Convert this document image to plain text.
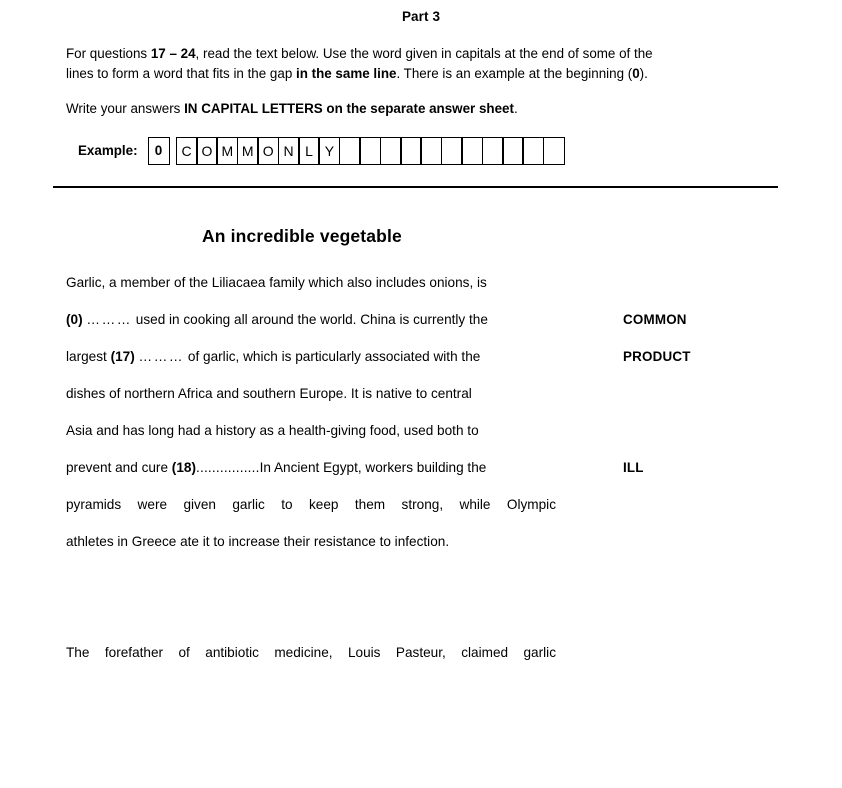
Part 3
For questions 17 – 24, read the text below. Use the word given in capitals at the end of some of the
lines to form a word that fits in the gap in the same line. There is an example at the beginning (0).
Write your answers IN CAPITAL LETTERS on the separate answer sheet.
Example:	0	C O M M O N L Y
An incredible vegetable
Garlic, a member of the Liliacaea family which also includes onions, is
(0) ……… used in cooking all around the world. China is currently the
largest (17) ……… of garlic, which is particularly associated with the
dishes of northern Africa and southern Europe. It is native to central
Asia and has long had a history as a health-giving food, used both to
prevent and cure (18)................In Ancient Egypt, workers building the
pyramids were given garlic to keep them strong, while Olympic
athletes in Greece ate it to increase their resistance to infection.
The forefather of antibiotic medicine, Louis Pasteur, claimed garlic
COMMON
PRODUCT
ILL
